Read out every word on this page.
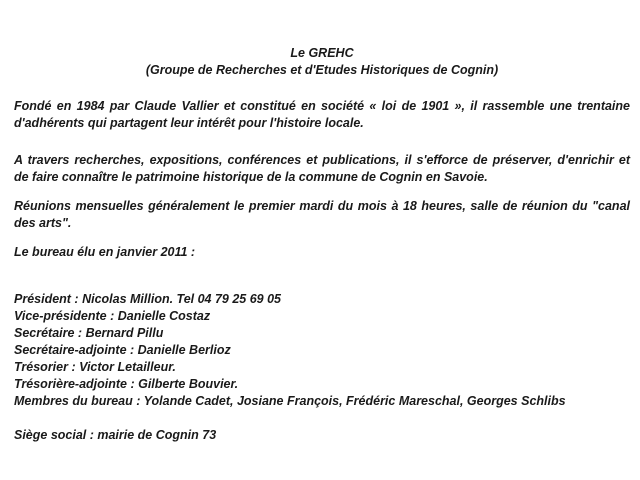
Le GREHC
(Groupe de Recherches et d'Etudes Historiques de Cognin)
Fondé en 1984 par Claude Vallier et constitué en société « loi de 1901 », il rassemble une trentaine
d'adhérents qui partagent leur intérêt pour l'histoire locale.
A travers recherches, expositions, conférences et publications, il s'efforce de préserver, d'enrichir et
de faire connaître le patrimoine historique de la commune de Cognin en Savoie.
Réunions mensuelles généralement le premier mardi du mois à 18 heures, salle de réunion du "canal
des arts".
Le bureau élu en janvier 2011 :
Président : Nicolas Million. Tel 04 79 25 69 05
Vice-présidente : Danielle Costaz
Secrétaire : Bernard Pillu
Secrétaire-adjointe : Danielle Berlioz
Trésorier : Victor Letailleur.
Trésorière-adjointe : Gilberte Bouvier.
Membres du bureau : Yolande Cadet, Josiane François, Frédéric Mareschal, Georges Schlibs
Siège social : mairie de Cognin 73
